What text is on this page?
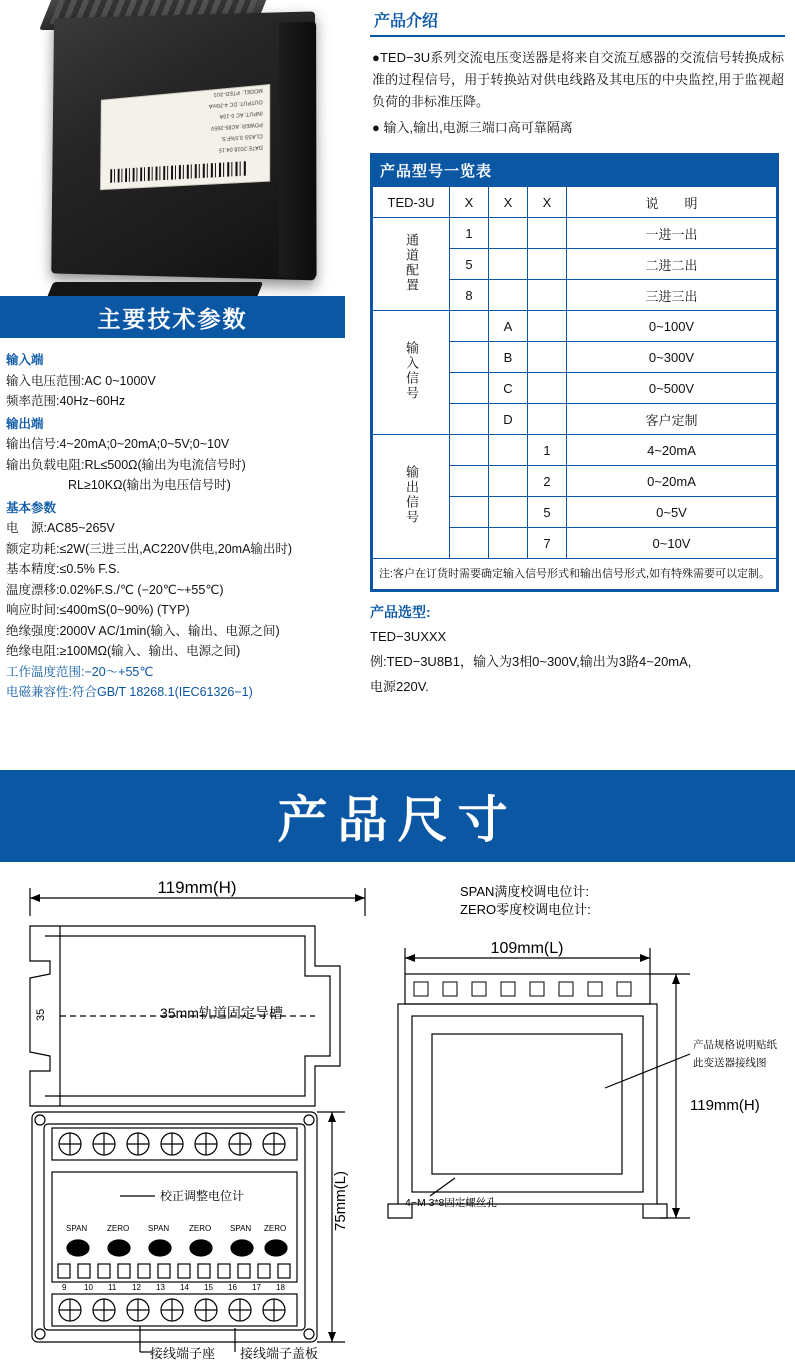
MODEL: PTED-3U1
OUTPUT: DC 4-20mA
INPUT: AC 0-10A
POWER: AC85-265V
CLASS 0.5%F.S.
DATE:2018.04.15
主要技术参数
输入端
输入电压范围:AC 0~1000V
频率范围:40Hz~60Hz
输出端
输出信号:4~20mA;0~20mA;0~5V;0~10V
输出负载电阻:RL≤500Ω(输出为电流信号时)
RL≥10KΩ(输出为电压信号时)
基本参数
电　源:AC85~265V
额定功耗:≤2W(三进三出,AC220V供电,20mA输出时)
基本精度:≤0.5% F.S.
温度漂移:0.02%F.S./℃ (−20℃~+55℃)
响应时间:≤400mS(0~90%) (TYP)
绝缘强度:2000V AC/1min(输入、输出、电源之间)
绝缘电阻:≥100MΩ(输入、输出、电源之间)
工作温度范围:−20～+55℃
电磁兼容性:符合GB/T 18268.1(IEC61326−1)
产品介绍
●TED−3U系列交流电压变送器是将来自交流互感器的交流信号转换成标准的过程信号，用于转换站对供电线路及其电压的中央监控,用于监视超负荷的非标准压降。
● 输入,输出,电源三端口高可靠隔离
产品型号一览表
TED-3U	X	X	X	说　　明
通道配置	1			一进一出
	5			二进二出
	8			三进三出
输入信号		A		0~100V
		B		0~300V
		C		0~500V
		D		客户定制
输出信号			1	4~20mA
			2	0~20mA
			5	0~5V
			7	0~10V
注:客户在订货时需要确定输入信号形式和输出信号形式,如有特殊需要可以定制。				
产品选型:
TED−3UXXX
例:TED−3U8B1，输入为3相0~300V,输出为3路4~20mA,
电源220V.
产品尺寸
119mm(H)
35	35mm轨道固定导槽
SPAN满度校调电位计:
ZERO零度校调电位计:
109mm(L)
119mm(H)
产品规格说明贴纸
此变送器接线图
4−M 3*8固定螺丝孔
校正调整电位计
SPAN ZERO SPAN ZERO SPAN ZERO
9 10 11 12 13 14 15 16 17 18
75mm(L)
接线端子座 接线端子盖板
